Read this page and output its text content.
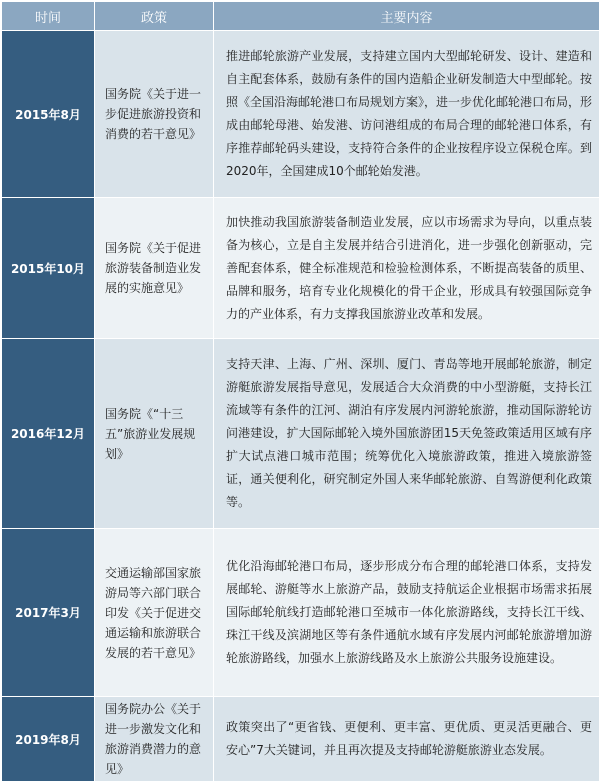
时间	政策	主要内容
2015年8月	国务院《关于进一步促进旅游投资和消费的若干意见》	推进邮轮旅游产业发展，支持建立国内大型邮轮研发、设计、建造和自主配套体系，鼓励有条件的国内造船企业研发制造大中型邮轮。按照《全国沿海邮轮港口布局规划方案》，进一步优化邮轮港口布局，形成由邮轮母港、始发港、访问港组成的布局合理的邮轮港口体系，有序推荐邮轮码头建设，支持符合条件的企业按程序设立保税仓库。到2020年，全国建成10个邮轮始发港。
2015年10月	国务院《关于促进旅游装备制造业发展的实施意见》	加快推动我国旅游装备制造业发展，应以市场需求为导向，以重点装备为核心，立是自主发展并结合引进消化，进一步强化创新驱动，完善配套体系，健全标准规范和检验检测体系，不断提高装备的质里、品牌和服务，培育专业化规模化的骨干企业，形成具有较强国际竞争力的产业体系，有力支撑我国旅游业改革和发展。
2016年12月	国务院《“十三五”旅游业发展规划》	支持天津、上海、广州、深圳、厦门、青岛等地开展邮轮旅游，制定游艇旅游发展指导意见，发展适合大众消费的中小型游艇，支持长江流域等有条件的江河、湖泊有序发展内河游轮旅游，推动国际游轮访问港建设，扩大国际邮轮入境外国旅游团15天免签政策适用区域有序扩大试点港口城市范围；统筹优化入境旅游政策，推进入境旅游签证，通关便利化，研究制定外国人来华邮轮旅游、自驾游便利化政策等。
2017年3月	交通运输部国家旅游局等六部门联合印发《关于促进交通运输和旅游联合发展的若干意见》	优化沿海邮轮港口布局，逐步形成分布合理的邮轮港口体系，支持发展邮轮、游艇等水上旅游产品，鼓励支持航运企业根据市场需求拓展国际邮轮航线打造邮轮港口至城市一体化旅游路线，支持长江干线、珠江干线及滨湖地区等有条件通航水域有序发展内河邮轮旅游增加游轮旅游路线，加强水上旅游线路及水上旅游公共服务设施建设。
2019年8月	国务院办公《关于进一步激发文化和旅游消费潜力的意见》	政策突出了“更省钱、更便利、更丰富、更优质、更灵活更融合、更安心”7大关键词，并且再次提及支持邮轮游艇旅游业态发展。
